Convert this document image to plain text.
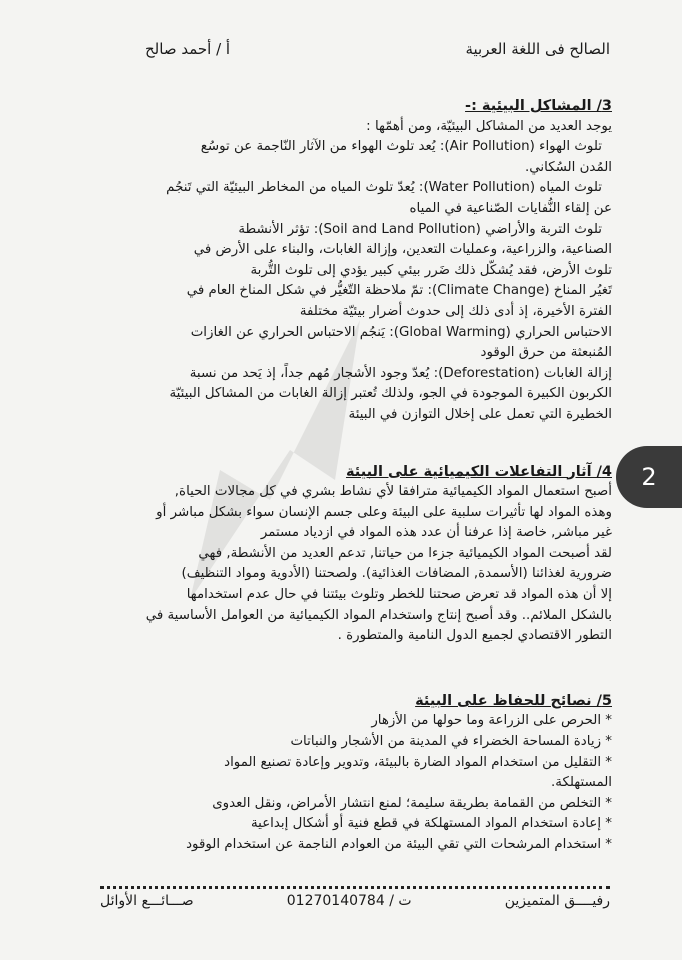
الصالح فى اللغة العربية
أ / أحمد صالح

3/ المشاكل البيئية :-

يوجد العديد من المشاكل البيئيّة، ومن أهمّها :

تلوث الهواء (Air Pollution): يُعد تلوث الهواء من الآثار النّاجمة عن توسُع

المُدن السُكاني.

تلوث المياه (Water Pollution): يُعدّ تلوث المياه من المخاطر البيئيّة التي تَنجُم

عن إلقاء النُّفايات الصّناعية في المياه

تلوث التربة والأراضي (Soil and Land Pollution): تؤثر الأنشطة

الصناعية، والزراعية، وعمليات التعدين، وإزالة الغابات، والبناء على الأرض في

تلوث الأرض، فقد يُشكّل ذلك ضَرر بيئي كبير يؤدي إلى تلوث التُّربة

تَغيُر المناخ (Climate Change): تمّ ملاحظة التّغيُّر في شكل المناخ العام في

الفترة الأخيرة، إذ أدى ذلك إلى حدوث أضرار بيئيّة مختلفة

الاحتباس الحراري (Global Warming): يَنجُم الاحتباس الحراري عن الغازات

المُنبعثة من حرق الوقود

إزالة الغابات (Deforestation): يُعدّ وجود الأشجار مُهم جداً، إذ يَحد من نسبة

الكربون الكبيرة الموجودة في الجو، ولذلك تُعتبر إزالة الغابات من المشاكل البيئيّة

الخطيرة التي تعمل على إخلال التوازن في البيئة

4/ آثار التفاعلات الكيميائية على البيئة

أصبح استعمال المواد الكيميائية مترافقا لأي نشاط بشري في كل مجالات الحياة,

وهذه المواد لها تأثيرات سلبية على البيئة وعلى جسم الإنسان سواء بشكل مباشر أو

غير مباشر, خاصة إذا عرفنا أن عدد هذه المواد في ازدياد مستمر

لقد أصبحت المواد الكيميائية جزءا من حياتنا, تدعم العديد من الأنشطة, فهي

ضرورية لغذائنا (الأسمدة, المضافات الغذائية). ولصحتنا (الأدوية ومواد التنظيف)

إلا أن هذه المواد قد تعرض صحتنا للخطر وتلوث بيئتنا في حال عدم استخدامها

بالشكل الملائم.. وقد أصبح إنتاج واستخدام المواد الكيميائية من العوامل الأساسية في

التطور الاقتصادي لجميع الدول النامية والمتطورة .

5/ نصائح للحفاظ على البيئة

* الحرص على الزراعة وما حولها من الأزهار

* زيادة المساحة الخضراء في المدينة من الأشجار والنباتات

* التقليل من استخدام المواد الضارة بالبيئة، وتدوير وإعادة تصنيع المواد

المستهلكة.

* التخلص من القمامة بطريقة سليمة؛ لمنع انتشار الأمراض، ونقل العدوى

* إعادة استخدام المواد المستهلكة في قطع فنية أو أشكال إبداعية

* استخدام المرشحات التي تقي البيئة من العوادم الناجمة عن استخدام الوقود

رفيــــق المتميزين
ت / 01270140784
صـــائـــع الأوائل
2
